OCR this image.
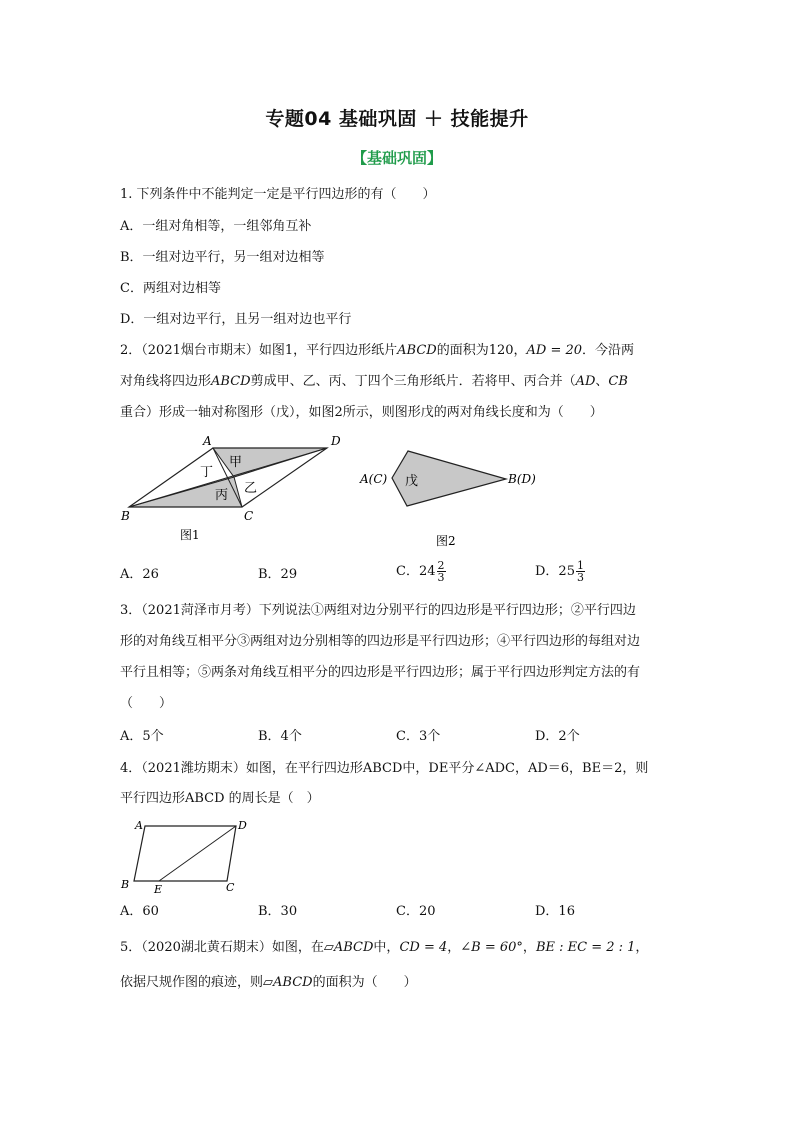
专题04 基础巩固 ＋ 技能提升
【基础巩固】
1. 下列条件中不能判定一定是平行四边形的有（　　）
A．一组对角相等，一组邻角互补
B．一组对边平行，另一组对边相等
C．两组对边相等
D．一组对边平行，且另一组对边也平行
2．（2021烟台市期末）如图1，平行四边形纸片ABCD的面积为120，AD = 20．今沿两
对角线将四边形ABCD剪成甲、乙、丙、丁四个三角形纸片．若将甲、丙合并（AD、CB
重合）形成一轴对称图形（戊），如图2所示，则图形戊的两对角线长度和为（　　）
A	D
B	C
甲
丁
乙
丙
图1
A(C)	B(D)
戊
图2
A．26	B．29	C．$24 \frac{2}{3}$	D．$25 \frac{1}{3}$
3．（2021菏泽市月考）下列说法①两组对边分别平行的四边形是平行四边形；②平行四边
形的对角线互相平分③两组对边分别相等的四边形是平行四边形；④平行四边形的每组对边
平行且相等；⑤两条对角线互相平分的四边形是平行四边形；属于平行四边形判定方法的有
（　　）
A．5个	B．4个	C．3个	D．2个
4．（2021潍坊期末）如图，在平行四边形ABCD中，DE平分∠ADC，AD＝6，BE＝2，则
平行四边形ABCD 的周长是（　）
A	D
B E	C
A．60	B．30	C．20	D．16
5．（2020湖北黄石期末）如图，在▱ABCD中，CD = 4，∠B = 60°，BE : EC = 2 : 1，
依据尺规作图的痕迹，则▱ABCD的面积为（　　）
